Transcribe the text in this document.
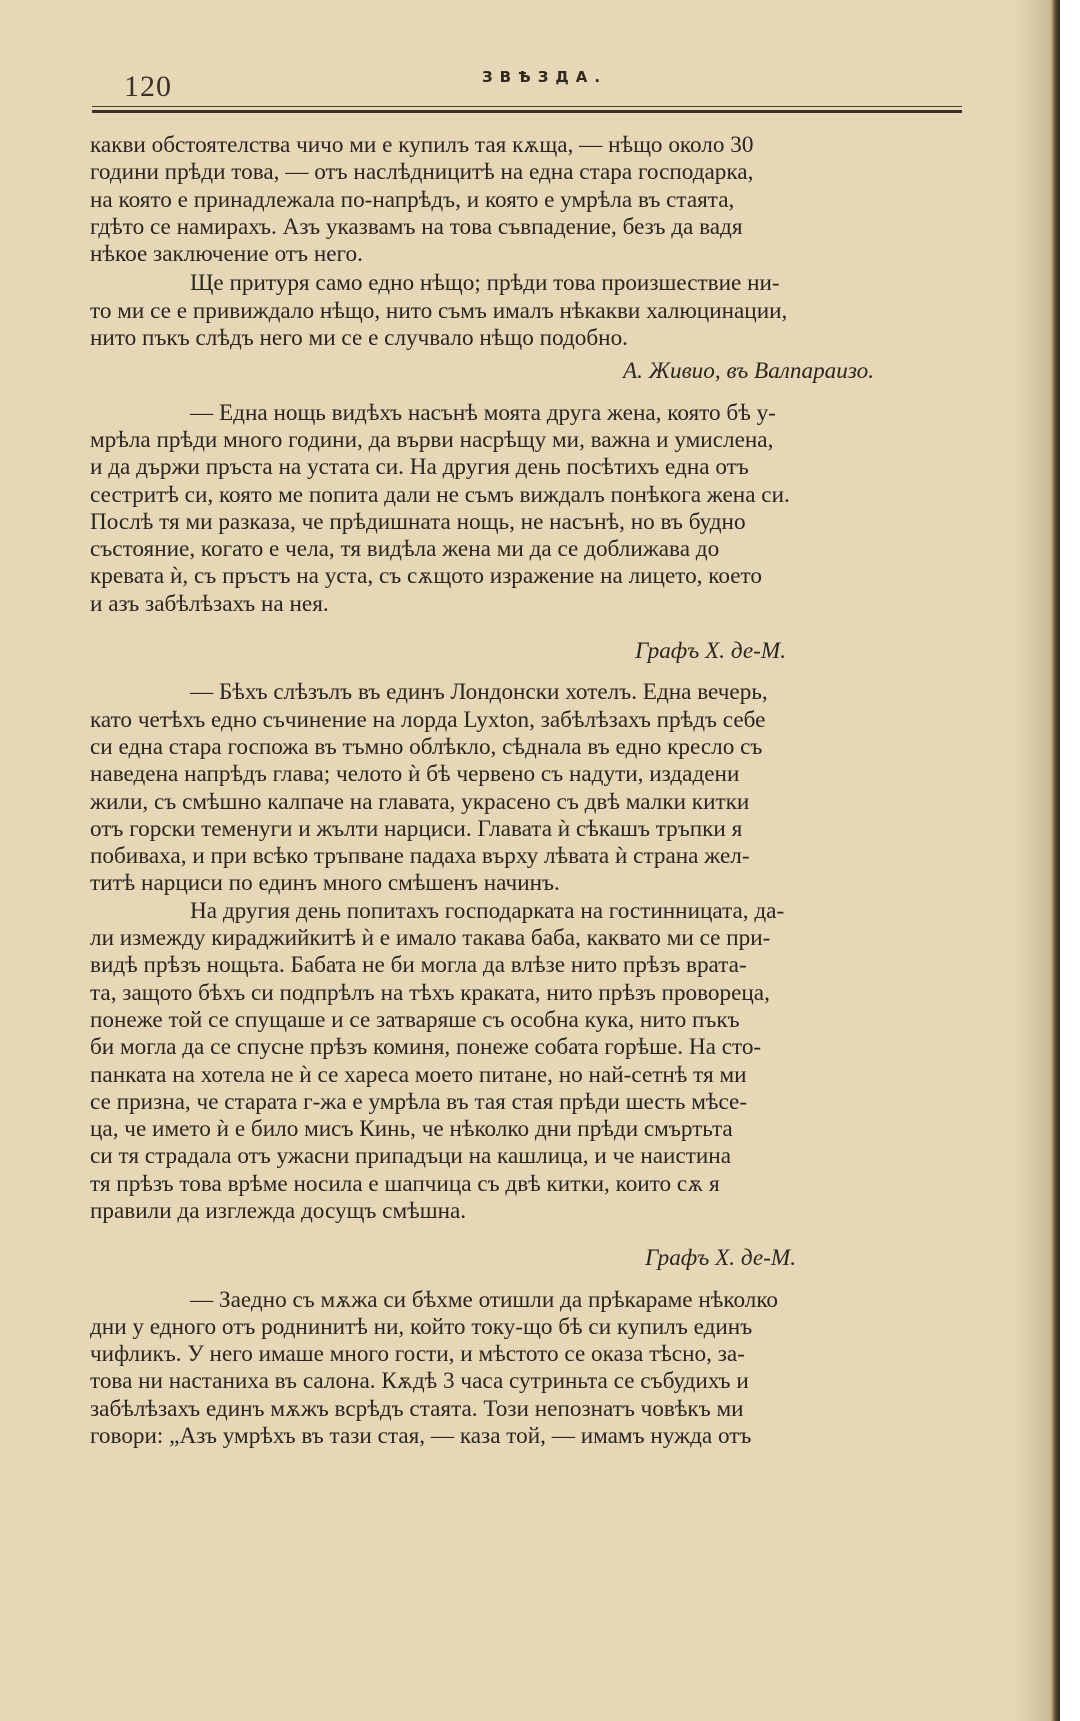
120	ЗВѢЗДА.
какви обстоятелства чичо ми е купилъ тая кѫща, — нѣщо около 30
години прѣди това, — отъ наслѣдницитѣ на една стара господарка,
на която е принадлежала по-напрѣдъ, и която е умрѣла въ стаята,
гдѣто се намирахъ. Азъ указвамъ на това съвпадение, безъ да вадя
нѣкое заключение отъ него.
Ще притуря само едно нѣщо; прѣди това произшествие ни-
то ми се е привиждало нѣщо, нито съмъ ималъ нѣкакви халюцинации,
нито пъкъ слѣдъ него ми се е случвало нѣщо подобно.
А. Живио, въ Валпараизо.
— Една нощь видѣхъ насънѣ моята друга жена, която бѣ у-
мрѣла прѣди много години, да върви насрѣщу ми, важна и умислена,
и да държи пръста на устата си. На другия день посѣтихъ една отъ
сестритѣ си, която ме попита дали не съмъ виждалъ понѣкога жена си.
Послѣ тя ми разказа, че прѣдишната нощь, не насънѣ, но въ будно
състояние, когато е чела, тя видѣла жена ми да се доближава до
кревата ѝ, съ пръстъ на уста, съ сѫщото изражение на лицето, което
и азъ забѣлѣзахъ на нея.
Графъ Х. де-М.
— Бѣхъ слѣзълъ въ единъ Лондонски хотелъ. Една вечерь,
като четѣхъ едно съчинение на лорда Lyxton, забѣлѣзахъ прѣдъ себе
си една стара госпожа въ тъмно облѣкло, сѣднала въ едно кресло съ
наведена напрѣдъ глава; челото ѝ бѣ червено съ надути, издадени
жили, съ смѣшно калпаче на главата, украсено съ двѣ малки китки
отъ горски теменуги и жълти нарциси. Главата ѝ сѣкашъ тръпки я
побиваха, и при всѣко тръпване падаха върху лѣвата ѝ страна жел-
титѣ нарциси по единъ много смѣшенъ начинъ.
На другия день попитахъ господарката на гостинницата, да-
ли измежду кираджийкитѣ ѝ е имало такава баба, каквато ми се при-
видѣ прѣзъ нощьта. Бабата не би могла да влѣзе нито прѣзъ врата-
та, защото бѣхъ си подпрѣлъ на тѣхъ краката, нито прѣзъ проворецa,
понеже той се спущаше и се затваряше съ особна кука, нито пъкъ
би могла да се спусне прѣзъ коминя, понеже собата горѣше. На сто-
панката на хотела не ѝ се хареса моето питане, но най-сетнѣ тя ми
се призна, че старата г-жа е умрѣла въ тая стая прѣди шесть мѣсе-
ца, че името ѝ е било мисъ Кинь, че нѣколко дни прѣди смъртьта
си тя страдала отъ ужасни припадъци на кашлица, и че наистина
тя прѣзъ това врѣме носила е шапчица съ двѣ китки, които сѫ я
правили да изглежда досущъ смѣшна.
Графъ Х. де-М.
— Заедно съ мѫжа си бѣхме отишли да прѣкараме нѣколко
дни у едного отъ роднинитѣ ни, който току-що бѣ си купилъ единъ
чифликъ. У него имаше много гости, и мѣстото се оказа тѣсно, за-
това ни настаниха въ салона. Кѫдѣ 3 часа сутриньта се събудихъ и
забѣлѣзахъ единъ мѫжъ всрѣдъ стаята. Този непознатъ човѣкъ ми
говори: „Азъ умрѣхъ въ тази стая, — каза той, — имамъ нужда отъ
